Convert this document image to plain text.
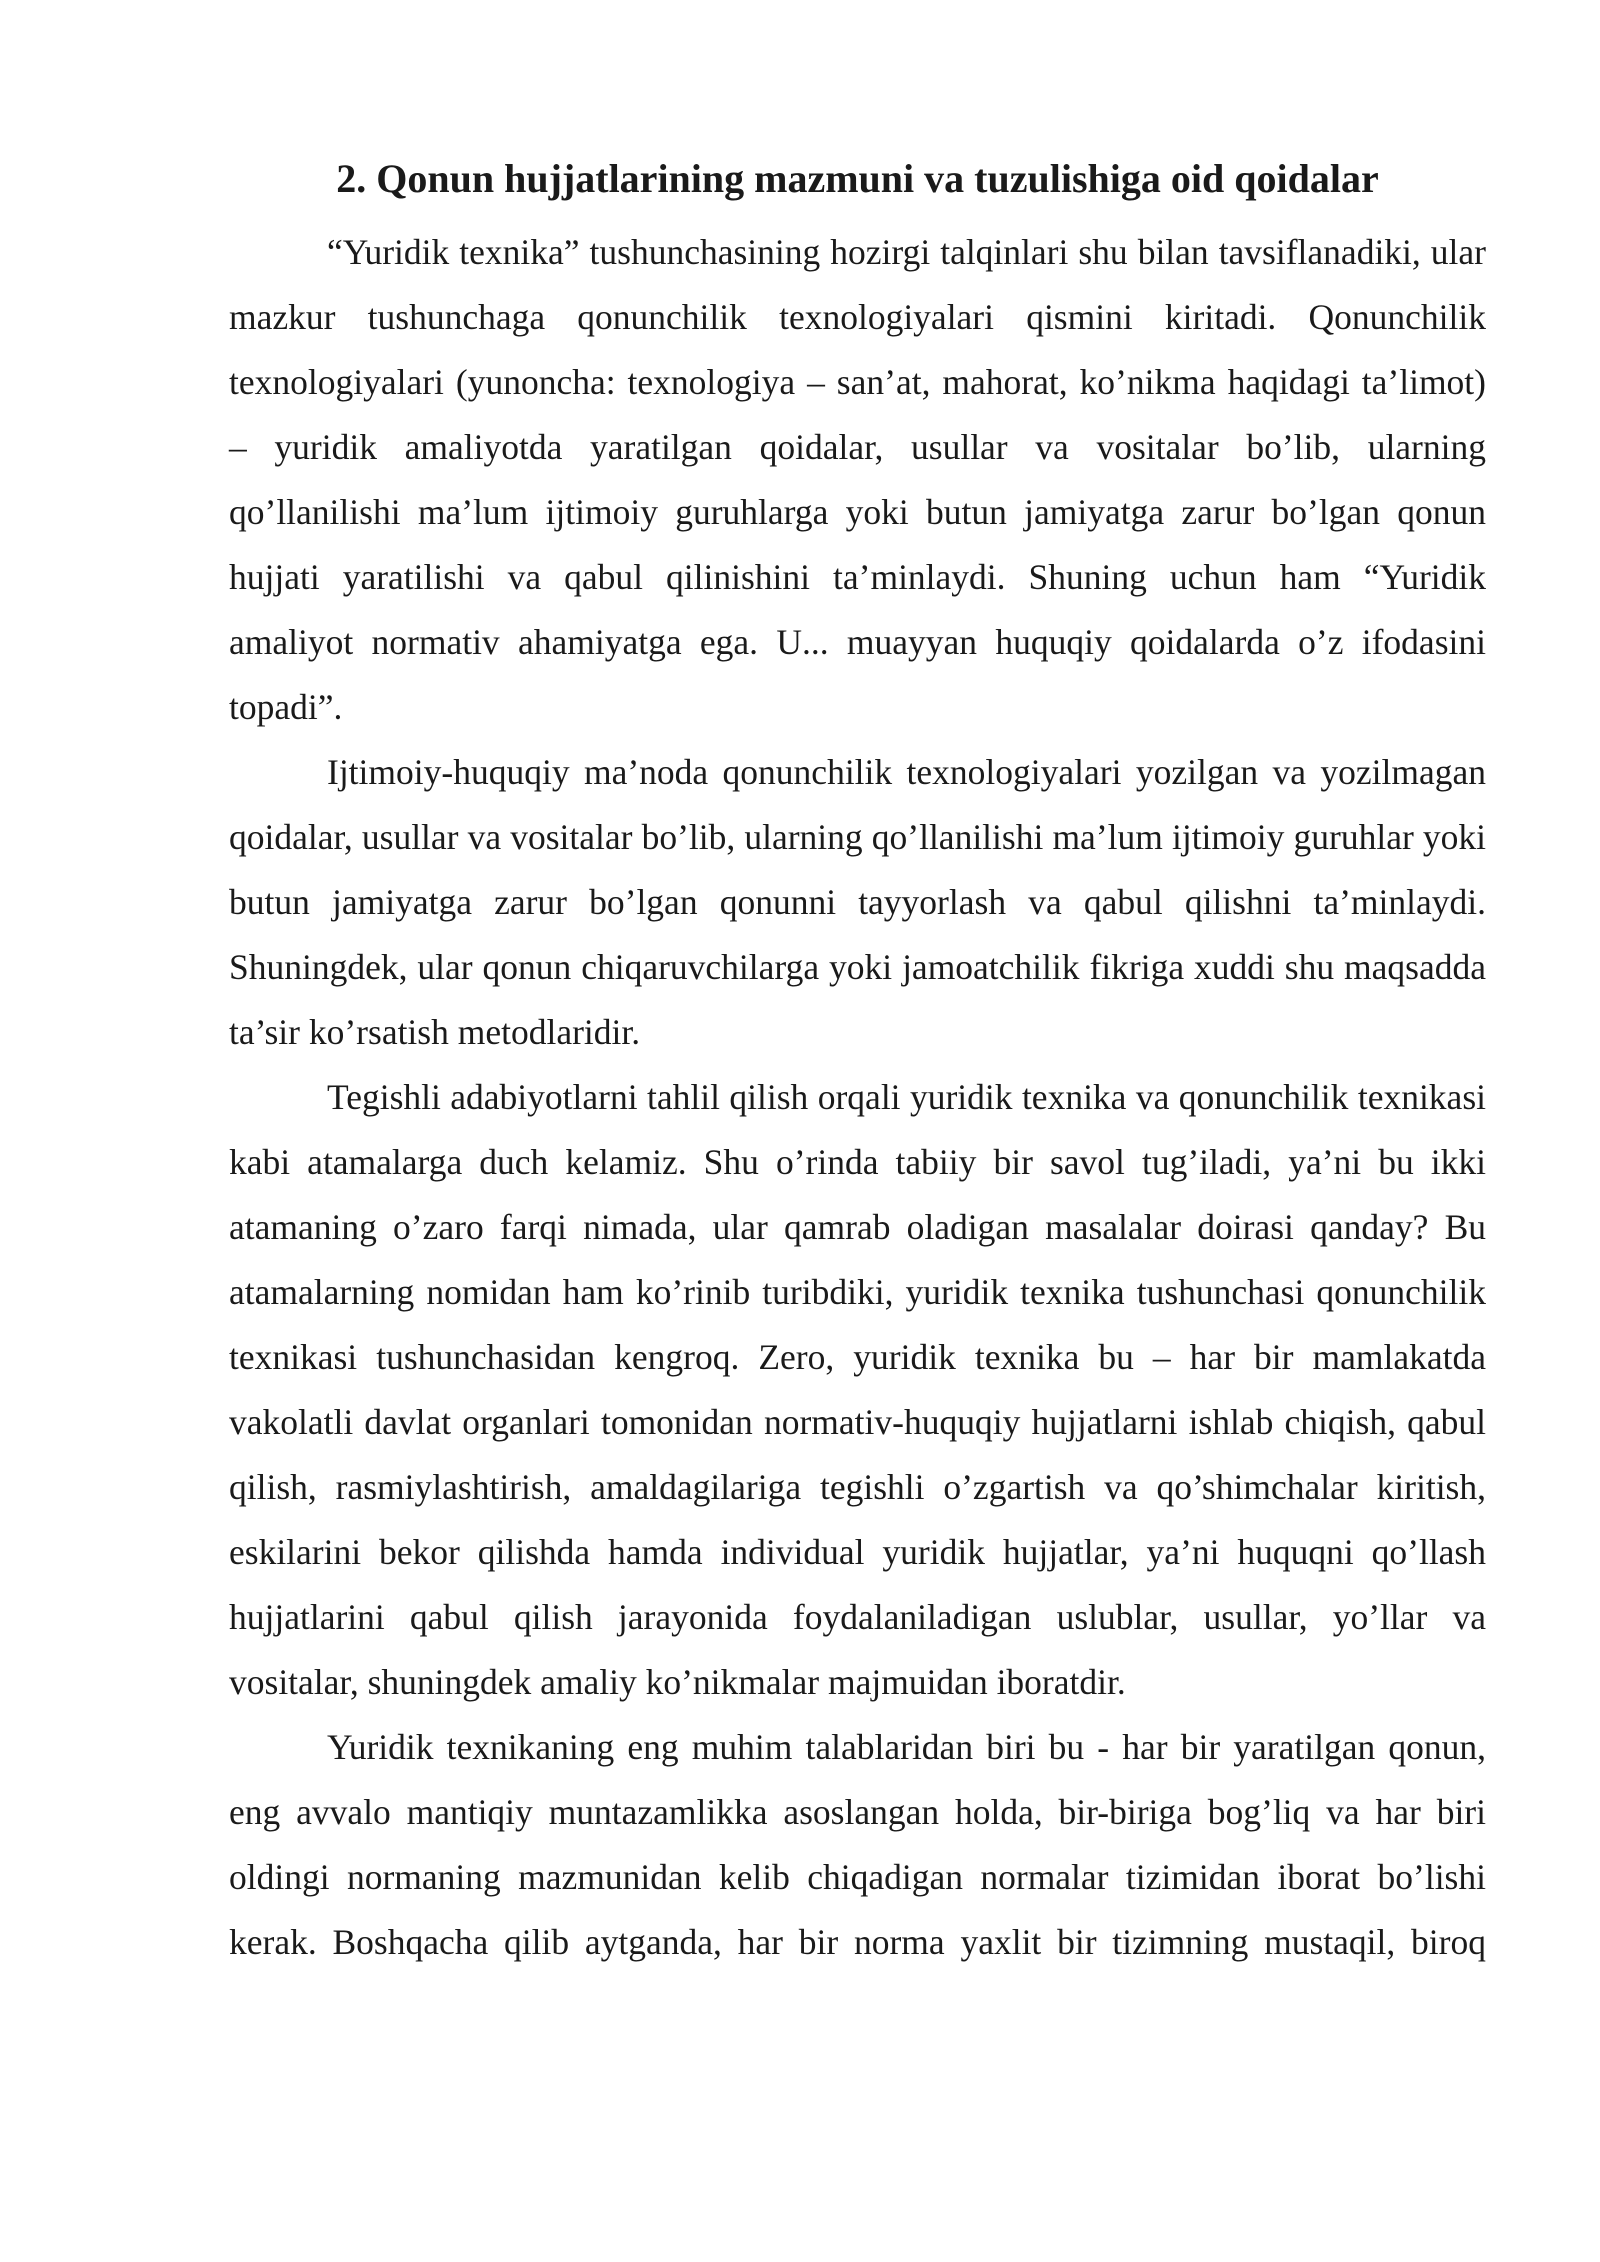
2. Qonun hujjatlarining mazmuni va tuzulishiga oid qoidalar

“Yuridik texnika” tushunchasining hozirgi talqinlari shu bilan tavsiflanadiki, ular mazkur tushunchaga qonunchilik texnologiyalari qismini kiritadi. Qonunchilik texnologiyalari (yunoncha: texnologiya – san’at, mahorat, ko’nikma haqidagi ta’limot) – yuridik amaliyotda yaratilgan qoidalar, usullar va vositalar bo’lib, ularning qo’llanilishi ma’lum ijtimoiy guruhlarga yoki butun jamiyatga zarur bo’lgan qonun hujjati yaratilishi va qabul qilinishini ta’minlaydi. Shuning uchun ham “Yuridik amaliyot normativ ahamiyatga ega. U... muayyan huquqiy qoidalarda o’z ifodasini topadi”.

Ijtimoiy-huquqiy ma’noda qonunchilik texnologiyalari yozilgan va yozilmagan qoidalar, usullar va vositalar bo’lib, ularning qo’llanilishi ma’lum ijtimoiy guruhlar yoki butun jamiyatga zarur bo’lgan qonunni tayyorlash va qabul qilishni ta’minlaydi. Shuningdek, ular qonun chiqaruvchilarga yoki jamoatchilik fikriga xuddi shu maqsadda ta’sir ko’rsatish metodlaridir.

Tegishli adabiyotlarni tahlil qilish orqali yuridik texnika va qonunchilik texnikasi kabi atamalarga duch kelamiz. Shu o’rinda tabiiy bir savol tug’iladi, ya’ni bu ikki atamaning o’zaro farqi nimada, ular qamrab oladigan masalalar doirasi qanday? Bu atamalarning nomidan ham ko’rinib turibdiki, yuridik texnika tushunchasi qonunchilik texnikasi tushunchasidan kengroq. Zero, yuridik texnika bu – har bir mamlakatda vakolatli davlat organlari tomonidan normativ-huquqiy hujjatlarni ishlab chiqish, qabul qilish, rasmiylashtirish, amaldagilariga tegishli o’zgartish va qo’shimchalar kiritish, eskilarini bekor qilishda hamda individual yuridik hujjatlar, ya’ni huquqni qo’llash hujjatlarini qabul qilish jarayonida foydalaniladigan uslublar, usullar, yo’llar va vositalar, shuningdek amaliy ko’nikmalar majmuidan iboratdir.

Yuridik texnikaning eng muhim talablaridan biri bu - har bir yaratilgan qonun, eng avvalo mantiqiy muntazamlikka asoslangan holda, bir-biriga bog’liq va har biri oldingi normaning mazmunidan kelib chiqadigan normalar tizimidan iborat bo’lishi kerak. Boshqacha qilib aytganda, har bir norma yaxlit bir tizimning mustaqil, biroq
